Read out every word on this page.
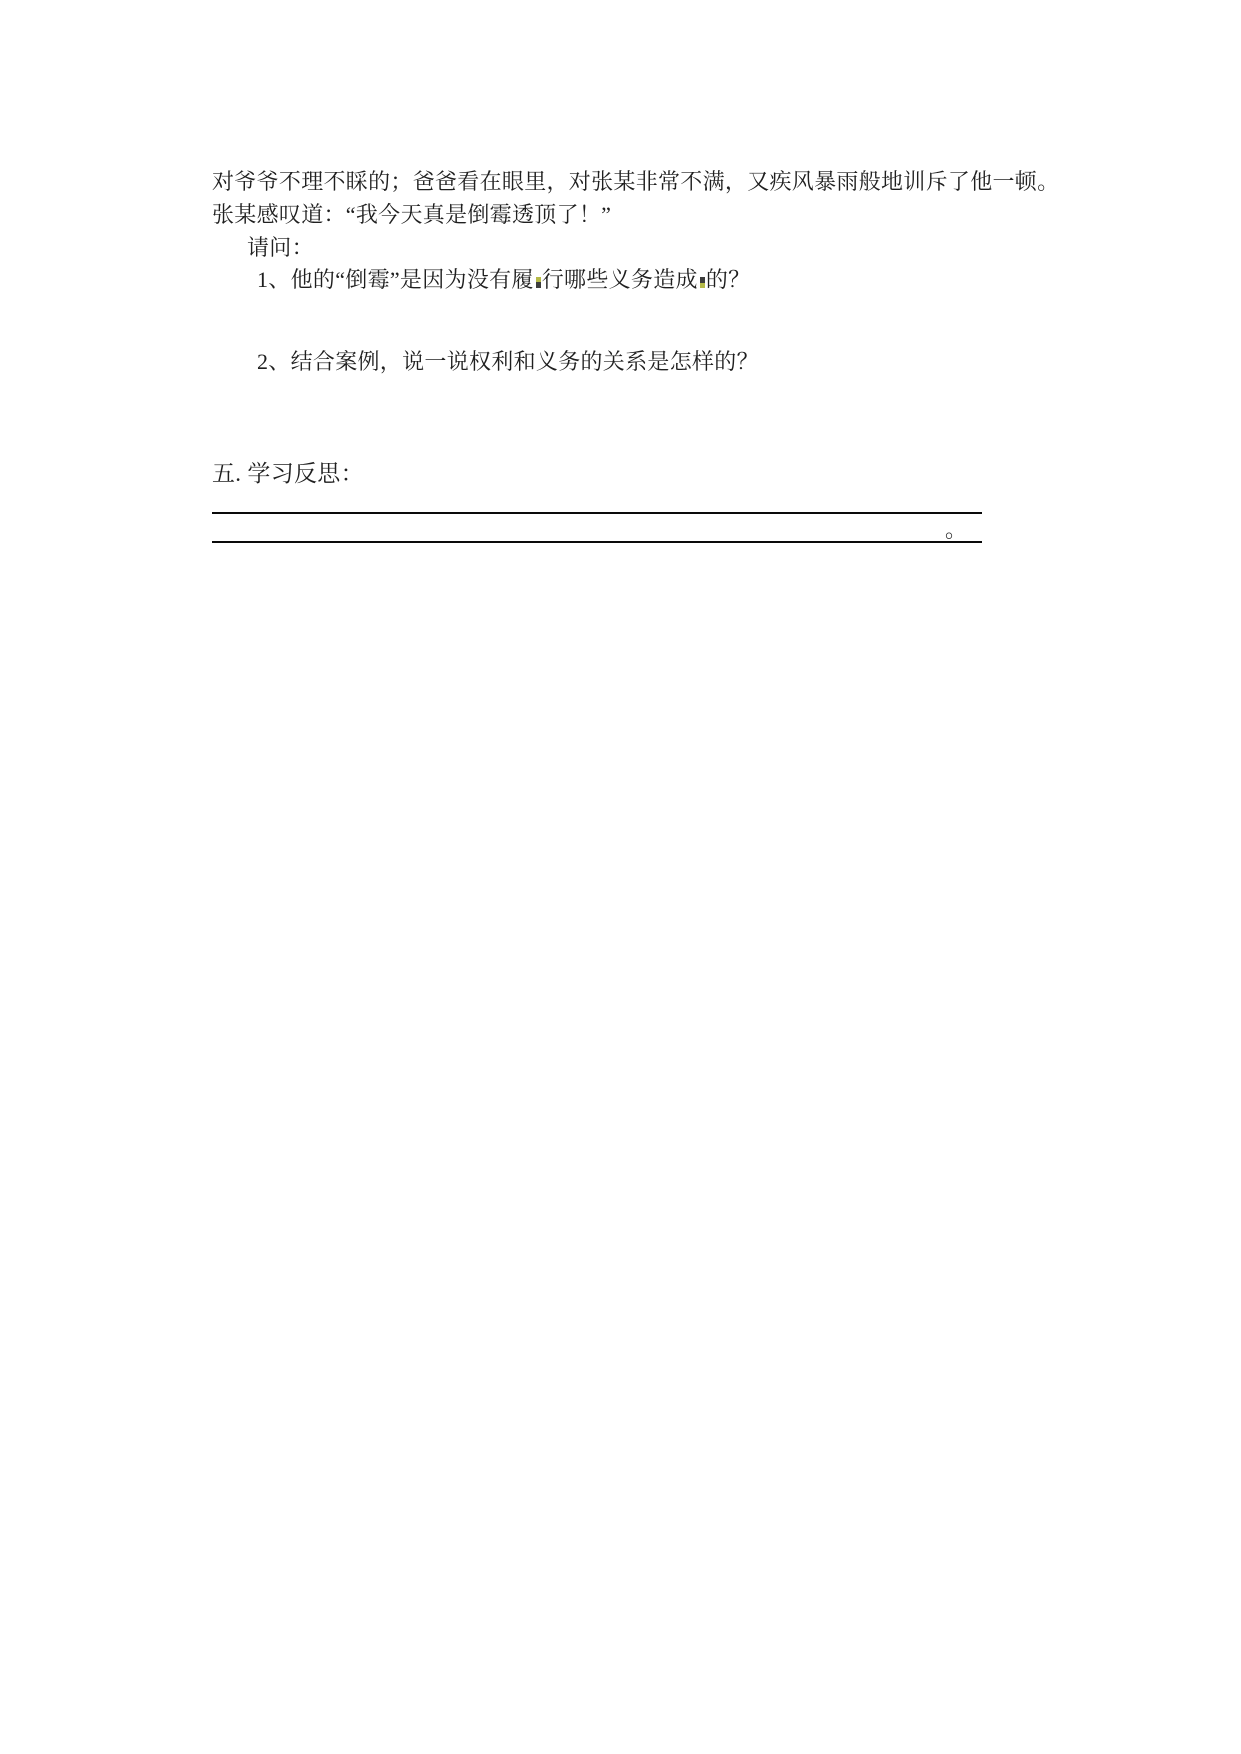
对爷爷不理不睬的；爸爸看在眼里，对张某非常不满，又疾风暴雨般地训斥了他一顿。
张某感叹道：“我今天真是倒霉透顶了！”
请问：
1、他的“倒霉”是因为没有履 行哪些义务造成 的？
2、结合案例，说一说权利和义务的关系是怎样的？
五. 学习反思：
。
